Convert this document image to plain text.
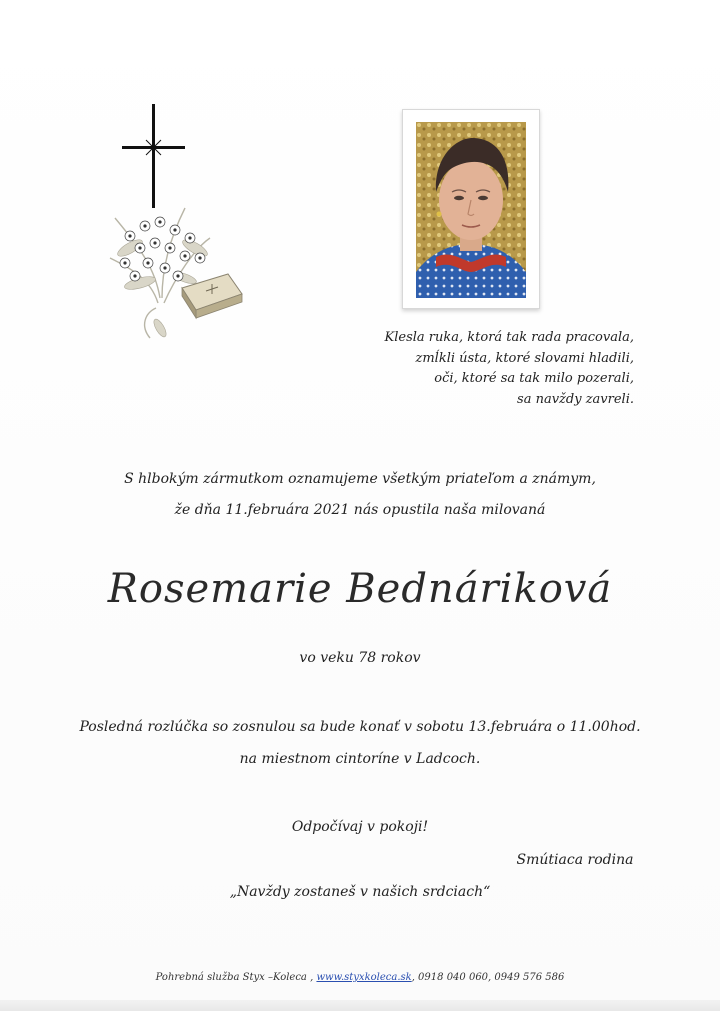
Klesla ruka, ktorá tak rada pracovala,
zmĺkli ústa, ktoré slovami hladili,
oči, ktoré sa tak milo pozerali,
sa navždy zavreli.
S hlbokým zármutkom oznamujeme všetkým priateľom a známym,
že dňa 11.februára 2021 nás opustila naša milovaná
Rosemarie Bednáriková
vo veku 78 rokov
Posledná rozlúčka so zosnulou sa bude konať v sobotu 13.februára o 11.00hod.
na miestnom cintoríne v Ladcoch.
Odpočívaj v pokoji!
Smútiaca rodina
„Navždy zostaneš v našich srdciach“
Pohrebná služba Styx –Koleca , www.styxkoleca.sk, 0918 040 060, 0949 576 586
